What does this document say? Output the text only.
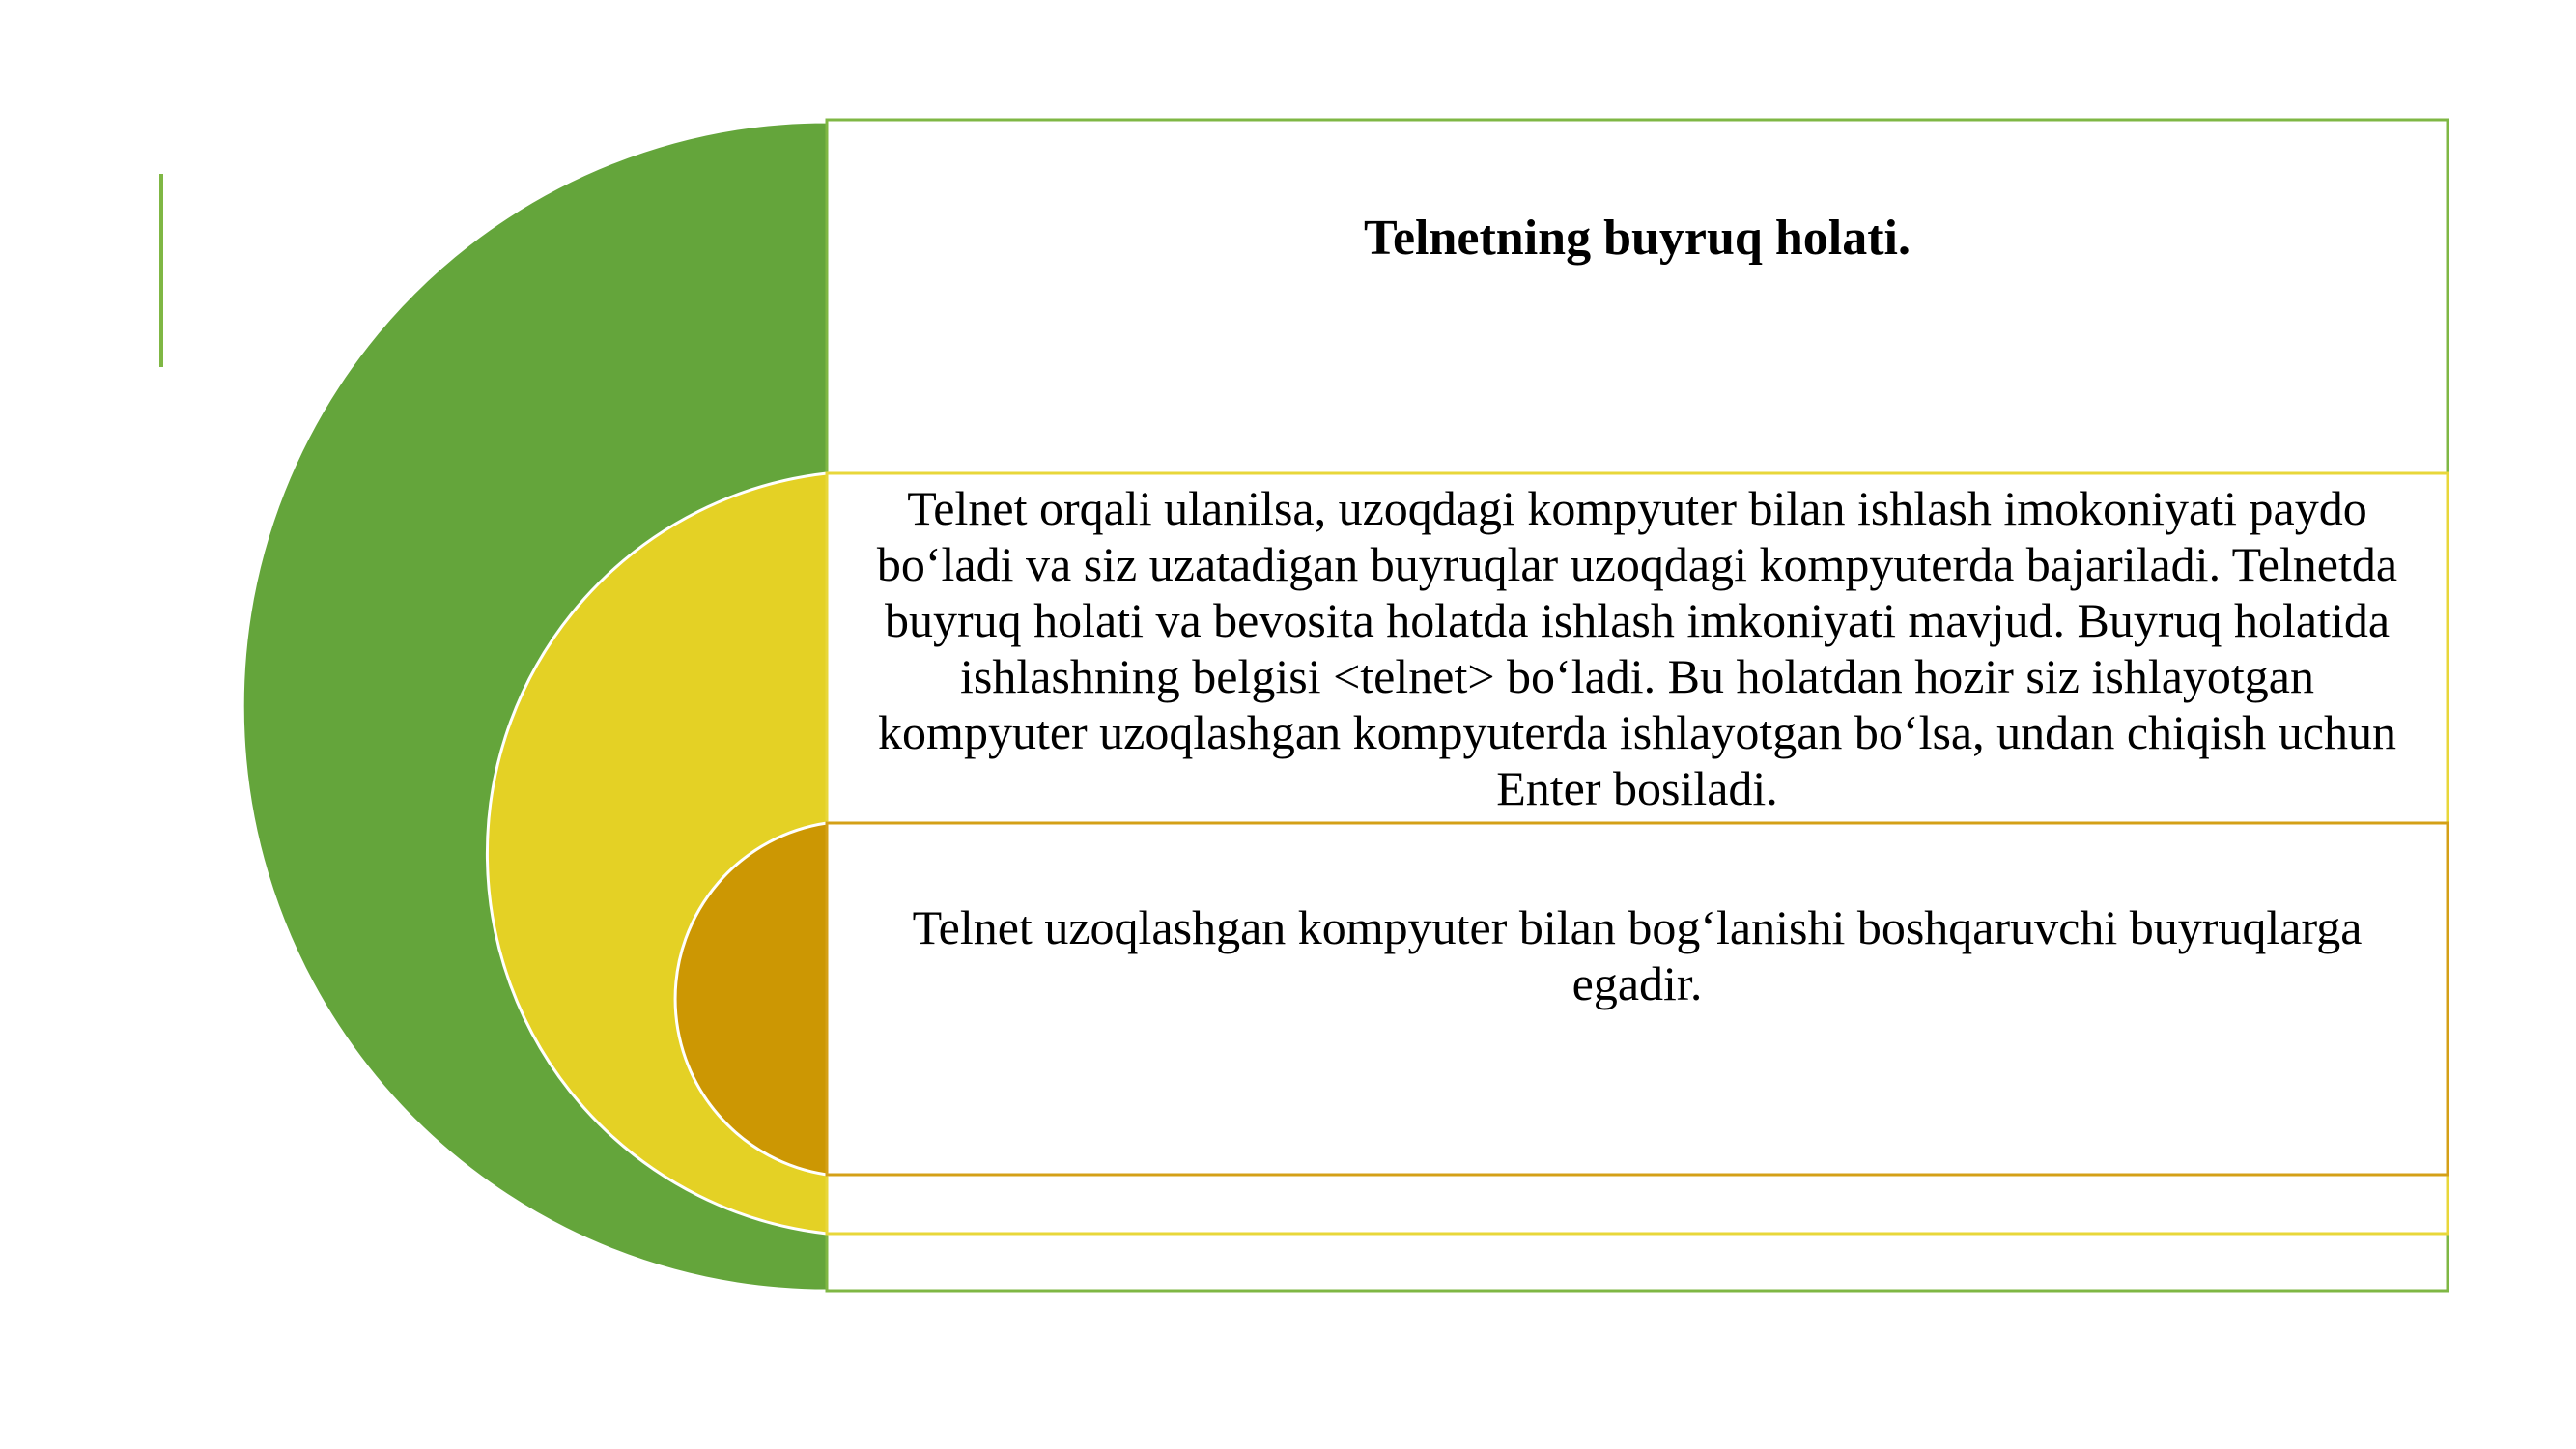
Telnetning buyruq holati.
Telnet orqali ulanilsa, uzoqdagi kompyuter bilan ishlash imokoniyati paydo bo‘ladi va siz uzatadigan buyruqlar uzoqdagi kompyuterda bajariladi. Telnetda buyruq holati va bevosita holatda ishlash imkoniyati mavjud. Buyruq holatida ishlashning belgisi <telnet> bo‘ladi. Bu holatdan hozir siz ishlayotgan kompyuter uzoqlashgan kompyuterda ishlayotgan bo‘lsa, undan chiqish uchun Enter bosiladi.
Telnet uzoqlashgan kompyuter bilan bog‘lanishi boshqaruvchi buyruqlarga egadir.
